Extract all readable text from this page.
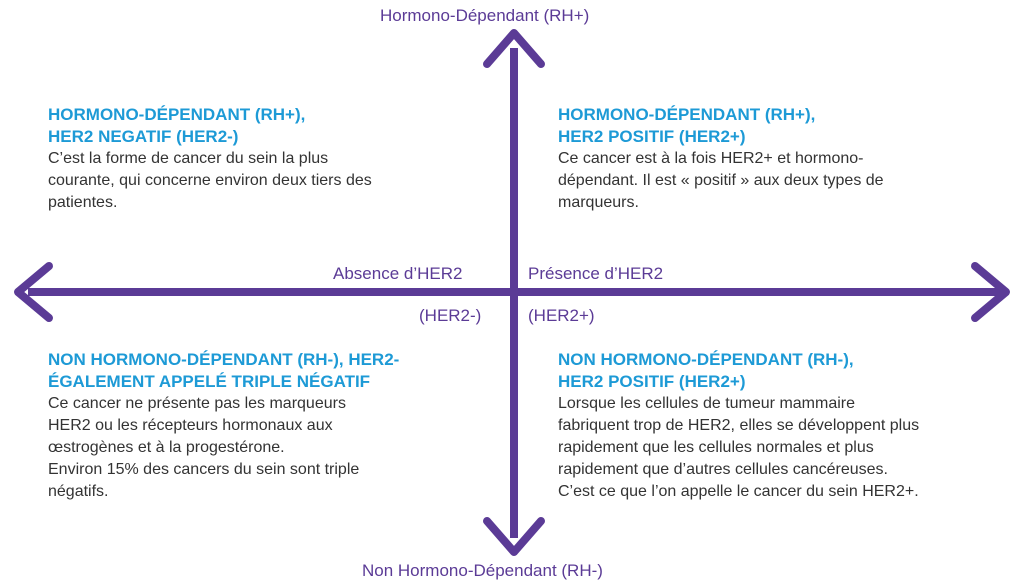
Hormono-Dépendant (RH+)
Non Hormono-Dépendant (RH-)
Absence d’HER2
(HER2-)
Présence d’HER2
(HER2+)
HORMONO-DÉPENDANT (RH+),
HER2 NEGATIF (HER2-)
C’est la forme de cancer du sein la plus
courante, qui concerne environ deux tiers des
patientes.
HORMONO-DÉPENDANT (RH+),
HER2 POSITIF (HER2+)
Ce cancer est à la fois HER2+ et hormono-
dépendant. Il est « positif » aux deux types de
marqueurs.
NON HORMONO-DÉPENDANT (RH-), HER2-
ÉGALEMENT APPELÉ TRIPLE NÉGATIF
Ce cancer ne présente pas les marqueurs
HER2 ou les récepteurs hormonaux aux
œstrogènes et à la progestérone.
Environ 15% des cancers du sein sont triple
négatifs.
NON HORMONO-DÉPENDANT (RH-),
HER2 POSITIF (HER2+)
Lorsque les cellules de tumeur mammaire
fabriquent trop de HER2, elles se développent plus
rapidement que les cellules normales et plus
rapidement que d’autres cellules cancéreuses.
C’est ce que l’on appelle le cancer du sein HER2+.
